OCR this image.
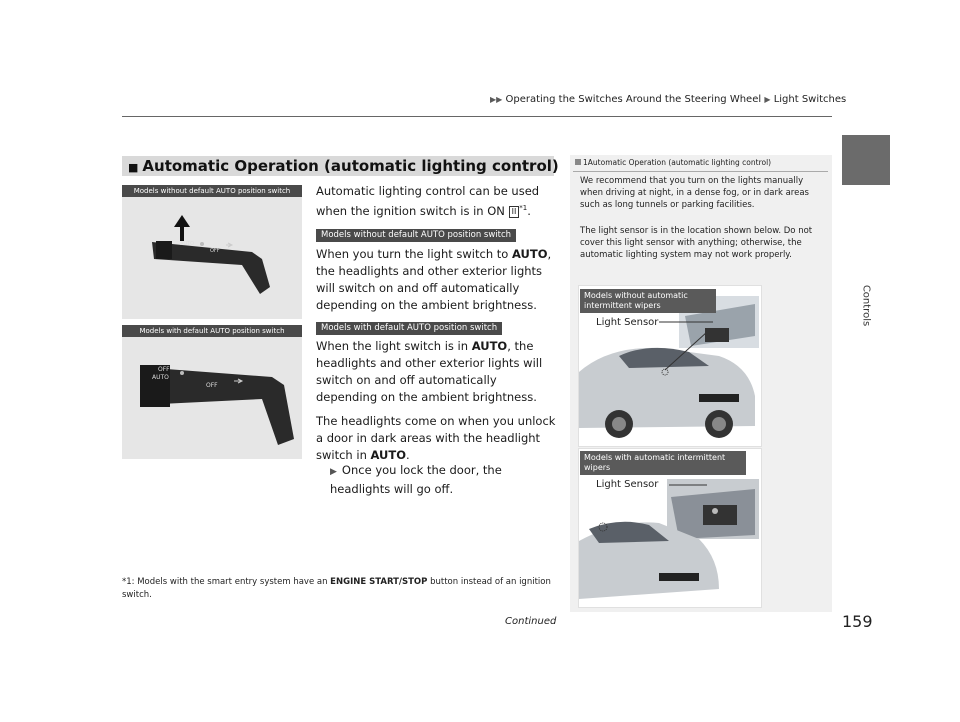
▶▶ Operating the Switches Around the Steering Wheel ▶ Light Switches
Controls
■ Automatic Operation (automatic lighting control)
Models without default AUTO position switch
AUTO
OFF
Models with default AUTO position switch
OFF
AUTO
OFF
Automatic lighting control can be used when the ignition switch is in ON II $^{*1}$.
Models without default AUTO position switch
When you turn the light switch to AUTO, the headlights and other exterior lights will switch on and off automatically depending on the ambient brightness.
Models with default AUTO position switch
When the light switch is in AUTO, the headlights and other exterior lights will switch on and off automatically depending on the ambient brightness.
The headlights come on when you unlock a door in dark areas with the headlight switch in AUTO.
▶ Once you lock the door, the headlights will go off.
*1: Models with the smart entry system have an ENGINE START/STOP button instead of an ignition switch.
1Automatic Operation (automatic lighting control)
We recommend that you turn on the lights manually when driving at night, in a dense fog, or in dark areas such as long tunnels or parking facilities.
The light sensor is in the location shown below. Do not cover this light sensor with anything; otherwise, the automatic lighting system may not work properly.
Models without automatic intermittent wipers
Light Sensor
Models with automatic intermittent wipers
Light Sensor
Continued	159
